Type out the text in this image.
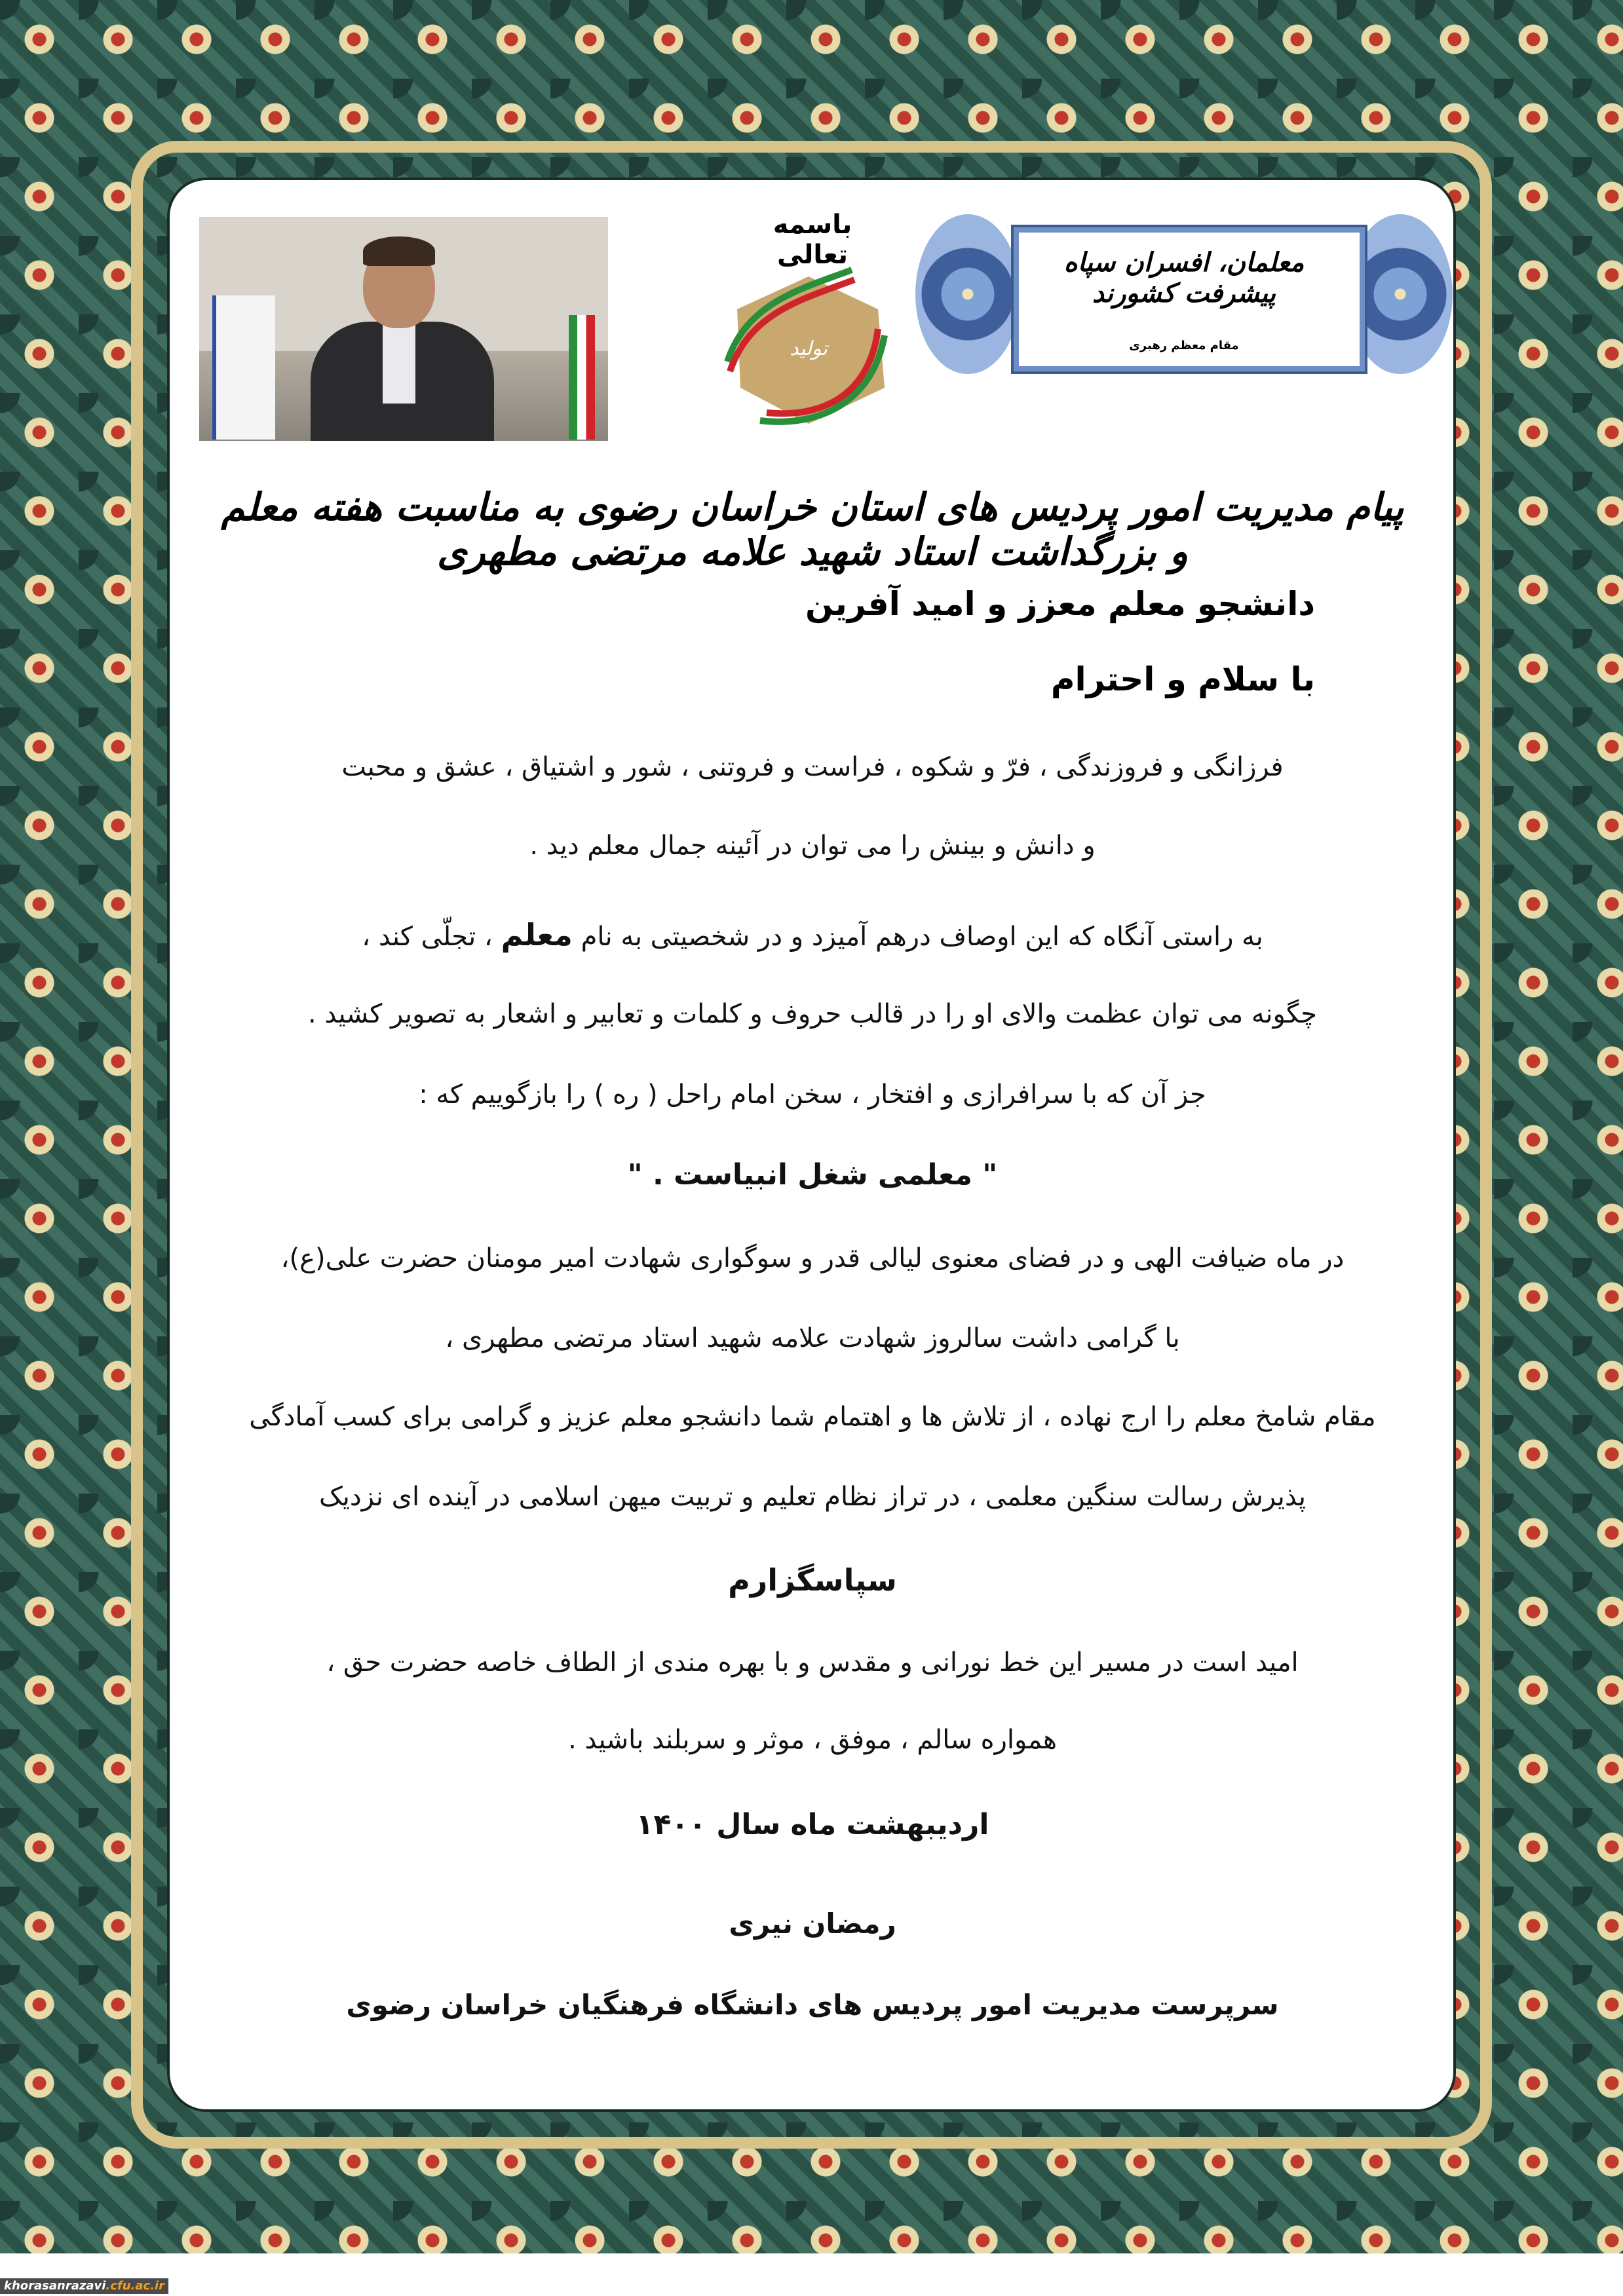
باسمه تعالی
تولید
معلمان، افسران سپاه پیشرفت کشورند
مقام معظم رهبری
پیام مدیریت امور پردیس های استان خراسان رضوی به مناسبت هفته معلم و بزرگداشت استاد شهید علامه مرتضی مطهری
دانشجو معلم معزز و امید آفرین
با سلام و احترام
فرزانگی و فروزندگی ، فرّ و شکوه ، فراست و فروتنی ، شور و اشتیاق ، عشق و محبت
و دانش و بینش را می توان در آئینه جمال معلم دید .
به راستی آنگاه که این اوصاف درهم آمیزد و در شخصیتی به نام معلم ، تجلّی کند ،
چگونه می توان عظمت والای او را در قالب حروف و کلمات و تعابیر و اشعار به تصویر کشید .
جز آن که با سرافرازی و افتخار ، سخن امام راحل ( ره ) را بازگوییم که :
" معلمی شغل انبیاست . "
در ماه ضیافت الهی و در فضای معنوی لیالی قدر و سوگواری شهادت امیر مومنان حضرت علی(ع)،
با گرامی داشت سالروز شهادت علامه شهید استاد مرتضی مطهری ،
مقام شامخ معلم را ارج نهاده ، از تلاش ها و اهتمام شما دانشجو معلم عزیز و گرامی برای کسب آمادگی
پذیرش رسالت سنگین معلمی ، در تراز نظام تعلیم و تربیت میهن اسلامی در آینده ای نزدیک
سپاسگزارم
امید است در مسیر این خط نورانی و مقدس و با بهره مندی از الطاف خاصه حضرت حق ،
همواره سالم ، موفق ، موثر و سربلند باشید .
اردیبهشت ماه سال ۱۴۰۰
رمضان نیری
سرپرست مدیریت امور پردیس های دانشگاه فرهنگیان خراسان رضوی
khorasanrazavi.cfu.ac.ir
